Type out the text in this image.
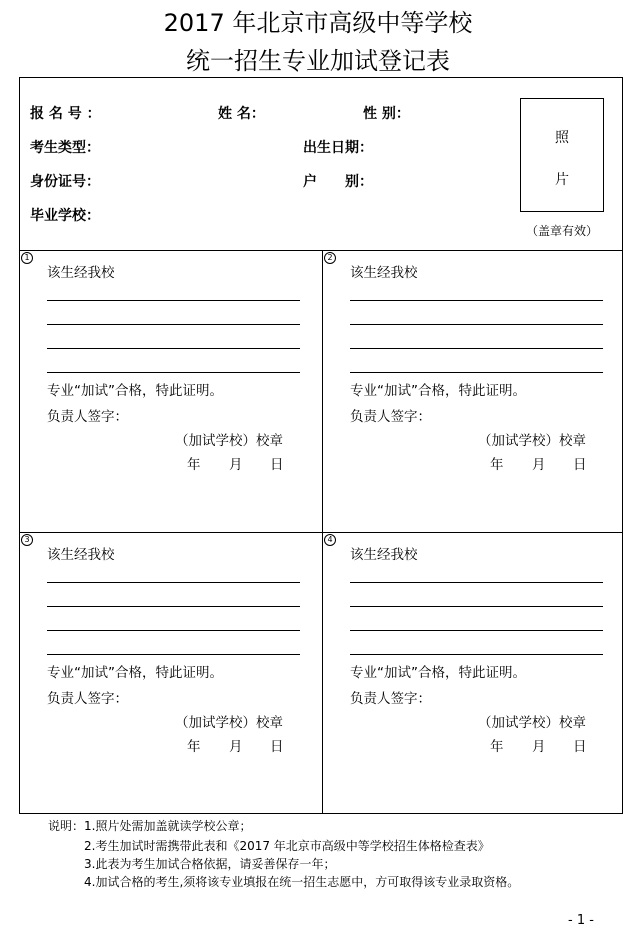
2017 年北京市高级中等学校
统一招生专业加试登记表
报 名 号 ：	姓 名：	性 别：
考生类型：	出生日期：
身份证号：	户　　别：
毕业学校：
照
片
（盖章有效）
1
该生经我校
专业“加试”合格，特此证明。
负责人签字：
（加试学校）校章
年 月 日
2
该生经我校
专业“加试”合格，特此证明。
负责人签字：
（加试学校）校章
年 月 日
3
该生经我校
专业“加试”合格，特此证明。
负责人签字：
（加试学校）校章
年 月 日
4
该生经我校
专业“加试”合格，特此证明。
负责人签字：
（加试学校）校章
年 月 日
说明：1.照片处需加盖就读学校公章；
2.考生加试时需携带此表和《2017 年北京市高级中等学校招生体格检查表》
3.此表为考生加试合格依据，请妥善保存一年；
4.加试合格的考生,须将该专业填报在统一招生志愿中，方可取得该专业录取资格。
- 1 -
